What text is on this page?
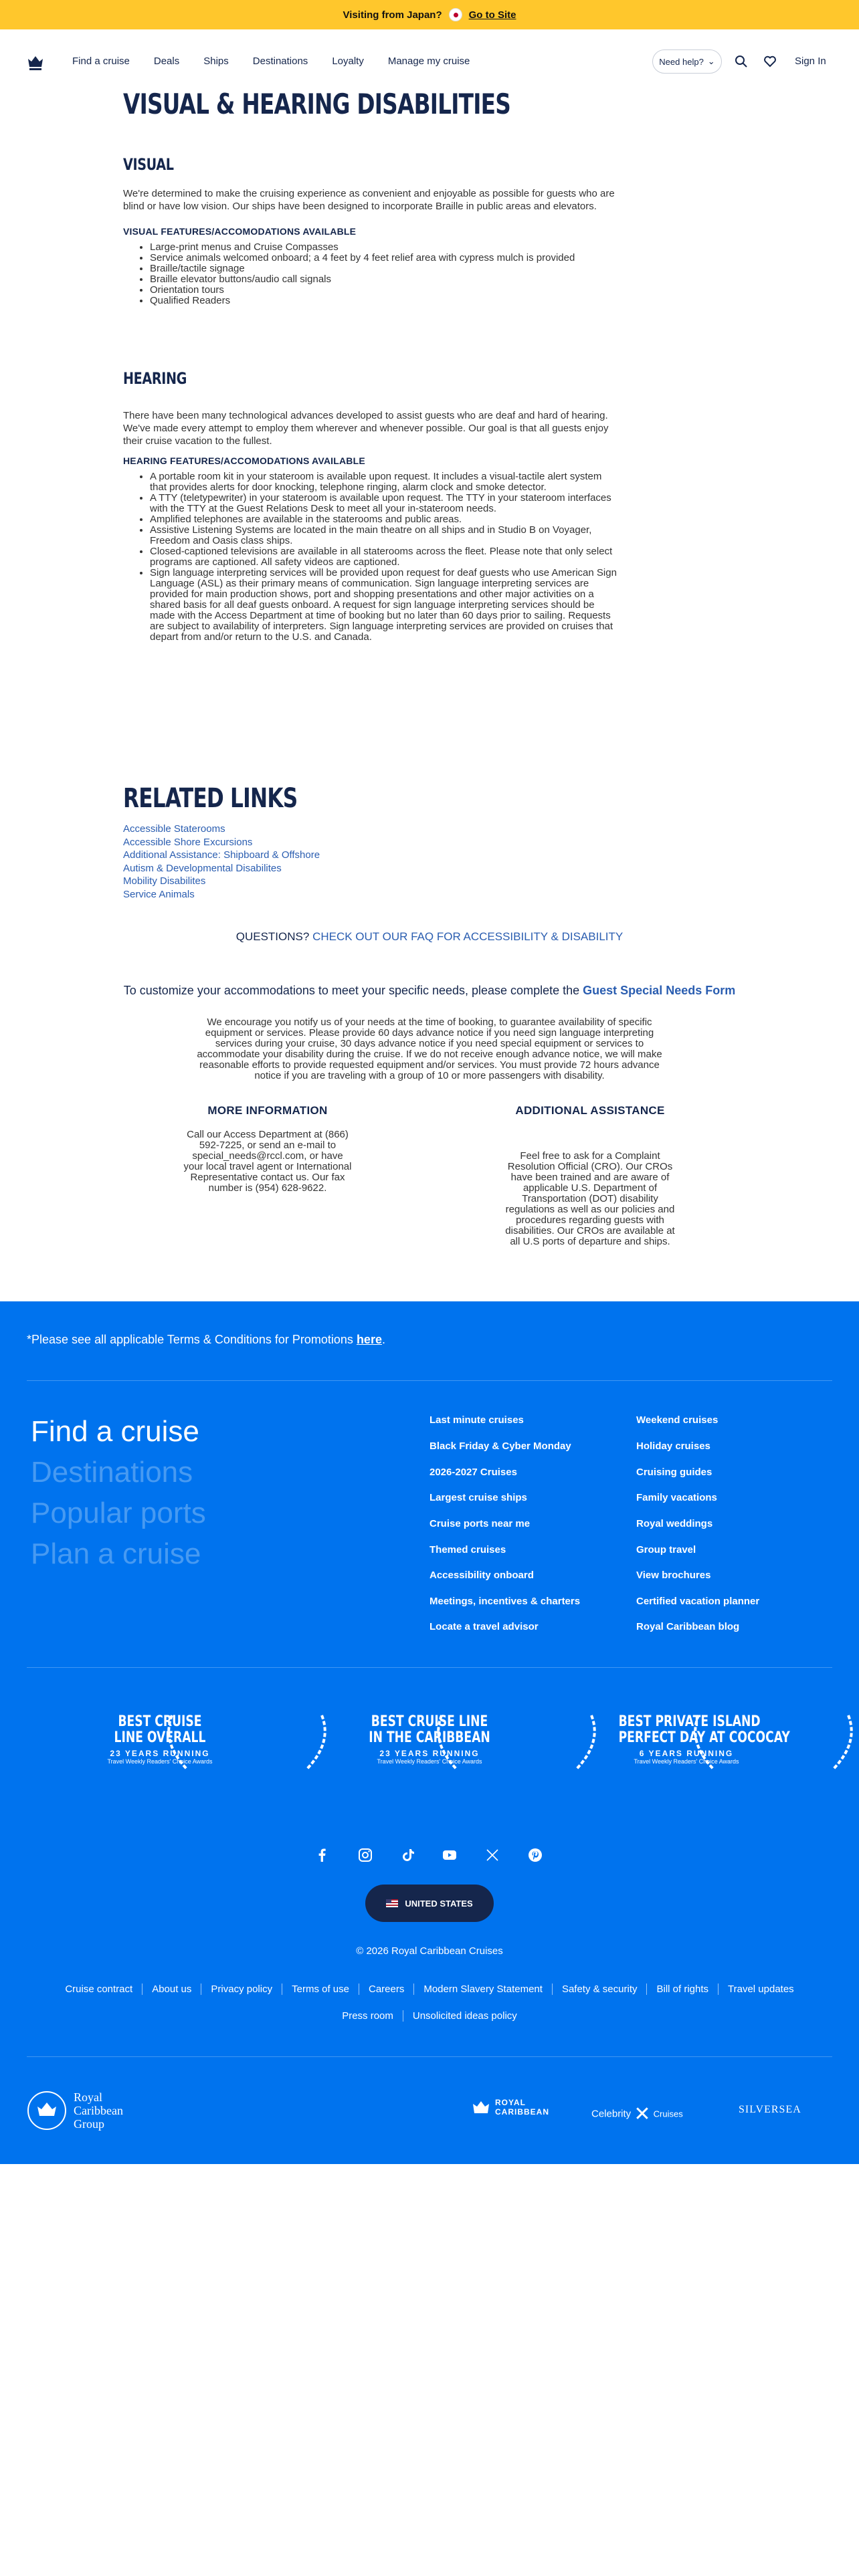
Visiting from Japan?	Go to Site
Find a cruise Deals Ships Destinations Loyalty Manage my cruise	Need help? ⌄	Sign In
VISUAL & HEARING DISABILITIES
VISUAL

We're determined to make the cruising experience as convenient and enjoyable as possible for guests who are blind or have low vision. Our ships have been designed to incorporate Braille in public areas and elevators.

VISUAL FEATURES/ACCOMODATIONS AVAILABLE
• Large-print menus and Cruise Compasses
• Service animals welcomed onboard; a 4 feet by 4 feet relief area with cypress mulch is provided
• Braille/tactile signage
• Braille elevator buttons/audio call signals
• Orientation tours
• Qualified Readers
HEARING

There have been many technological advances developed to assist guests who are deaf and hard of hearing. We've made every attempt to employ them wherever and whenever possible. Our goal is that all guests enjoy their cruise vacation to the fullest.

HEARING FEATURES/ACCOMODATIONS AVAILABLE
• A portable room kit in your stateroom is available upon request. It includes a visual-tactile alert system that provides alerts for door knocking, telephone ringing, alarm clock and smoke detector.
• A TTY (teletypewriter) in your stateroom is available upon request. The TTY in your stateroom interfaces with the TTY at the Guest Relations Desk to meet all your in-stateroom needs.
• Amplified telephones are available in the staterooms and public areas.
• Assistive Listening Systems are located in the main theatre on all ships and in Studio B on Voyager, Freedom and Oasis class ships.
• Closed-captioned televisions are available in all staterooms across the fleet. Please note that only select programs are captioned. All safety videos are captioned.
• Sign language interpreting services will be provided upon request for deaf guests who use American Sign Language (ASL) as their primary means of communication. Sign language interpreting services are provided for main production shows, port and shopping presentations and other major activities on a shared basis for all deaf guests onboard. A request for sign language interpreting services should be made with the Access Department at time of booking but no later than 60 days prior to sailing. Requests are subject to availability of interpreters. Sign language interpreting services are provided on cruises that depart from and/or return to the U.S. and Canada.
RELATED LINKS
Accessible Staterooms
Accessible Shore Excursions
Additional Assistance: Shipboard & Offshore
Autism & Developmental Disabilites
Mobility Disabilites
Service Animals
QUESTIONS? CHECK OUT OUR FAQ FOR ACCESSIBILITY & DISABILITY
To customize your accommodations to meet your specific needs, please complete the Guest Special Needs Form

We encourage you notify us of your needs at the time of booking, to guarantee availability of specific equipment or services. Please provide 60 days advance notice if you need sign language interpreting services during your cruise, 30 days advance notice if you need special equipment or services to accommodate your disability during the cruise. If we do not receive enough advance notice, we will make reasonable efforts to provide requested equipment and/or services. You must provide 72 hours advance notice if you are traveling with a group of 10 or more passengers with disability.

MORE INFORMATION

Call our Access Department at (866) 592-7225, or send an e-mail to special_needs@rccl.com, or have your local travel agent or International Representative contact us. Our fax number is (954) 628-9622.

ADDITIONAL ASSISTANCE

Feel free to ask for a Complaint Resolution Official (CRO). Our CROs have been trained and are aware of applicable U.S. Department of Transportation (DOT) disability regulations as well as our policies and procedures regarding guests with disabilities. Our CROs are available at all U.S ports of departure and ships.

*Please see all applicable Terms & Conditions for Promotions here.
Find a cruise
Destinations
Popular ports
Plan a cruise
Last minute cruises
Black Friday & Cyber Monday
2026-2027 Cruises
Largest cruise ships
Cruise ports near me
Themed cruises
Accessibility onboard
Meetings, incentives & charters
Locate a travel advisor
Weekend cruises
Holiday cruises
Cruising guides
Family vacations
Royal weddings
Group travel
View brochures
Certified vacation planner
Royal Caribbean blog
BEST CRUISE
LINE OVERALL
23 YEARS RUNNING
Travel Weekly Readers' Choice Awards
BEST CRUISE LINE
IN THE CARIBBEAN
23 YEARS RUNNING
Travel Weekly Readers' Choice Awards
BEST PRIVATE ISLAND
PERFECT DAY AT COCOCAY
6 YEARS RUNNING
Travel Weekly Readers' Choice Awards
UNITED STATES
© 2026 Royal Caribbean Cruises
Cruise contract About us Privacy policy Terms of use Careers Modern Slavery Statement Safety & security Bill of rights Travel updates
Press room Unsolicited ideas policy
Royal
Caribbean
Group
ROYAL
CARIBBEAN	Celebrity ✕ Cruises	SILVERSEA
